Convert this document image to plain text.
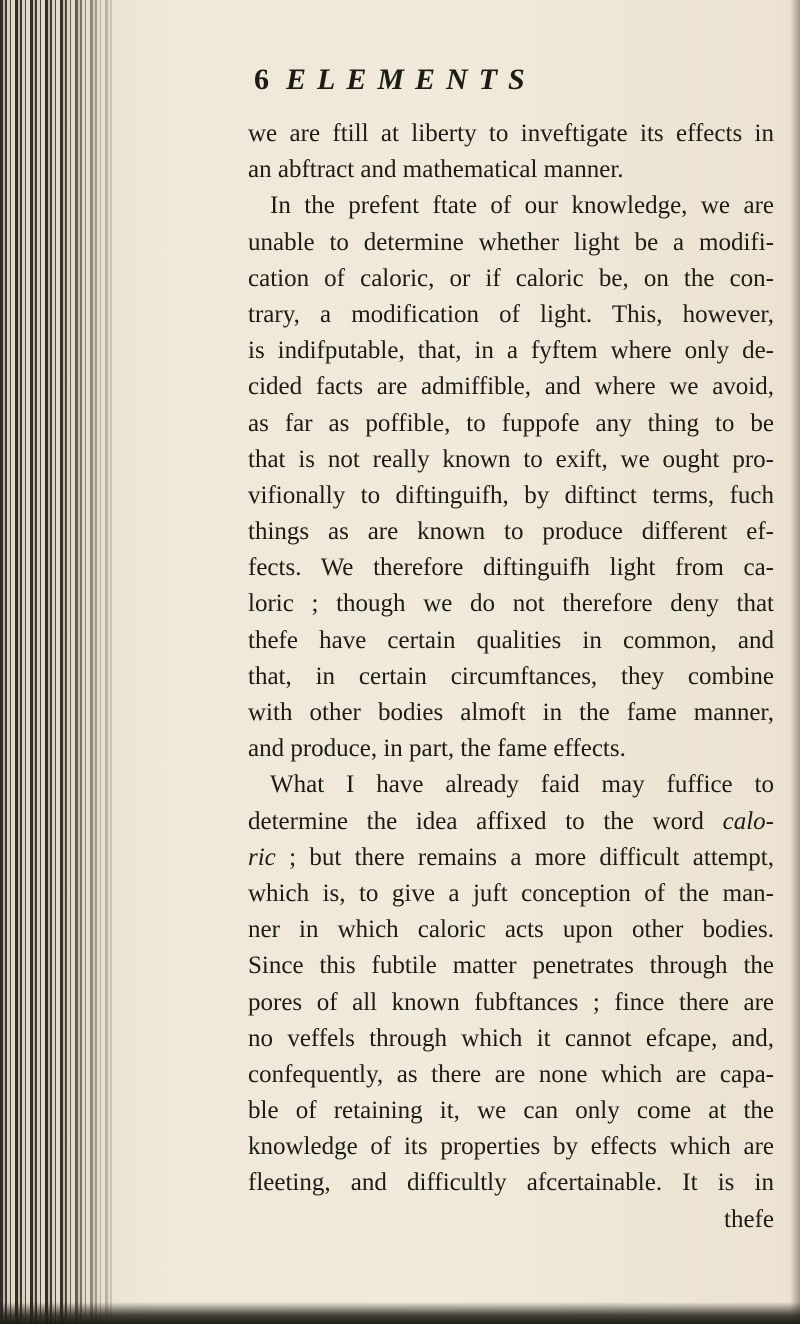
6 ELEMENTS
we are ftill at liberty to inveftigate its effects in
an abftract and mathematical manner.
In the prefent ftate of our knowledge, we are
unable to determine whether light be a modifi-
cation of caloric, or if caloric be, on the con-
trary, a modification of light. This, however,
is indifputable, that, in a fyftem where only de-
cided facts are admiffible, and where we avoid,
as far as poffible, to fuppofe any thing to be
that is not really known to exift, we ought pro-
vifionally to diftinguifh, by diftinct terms, fuch
things as are known to produce different ef-
fects. We therefore diftinguifh light from ca-
loric ; though we do not therefore deny that
thefe have certain qualities in common, and
that, in certain circumftances, they combine
with other bodies almoft in the fame manner,
and produce, in part, the fame effects.
What I have already faid may fuffice to
determine the idea affixed to the word calo-
ric ; but there remains a more difficult attempt,
which is, to give a juft conception of the man-
ner in which caloric acts upon other bodies.
Since this fubtile matter penetrates through the
pores of all known fubftances ; fince there are
no veffels through which it cannot efcape, and,
confequently, as there are none which are capa-
ble of retaining it, we can only come at the
knowledge of its properties by effects which are
fleeting, and difficultly afcertainable. It is in
thefe
